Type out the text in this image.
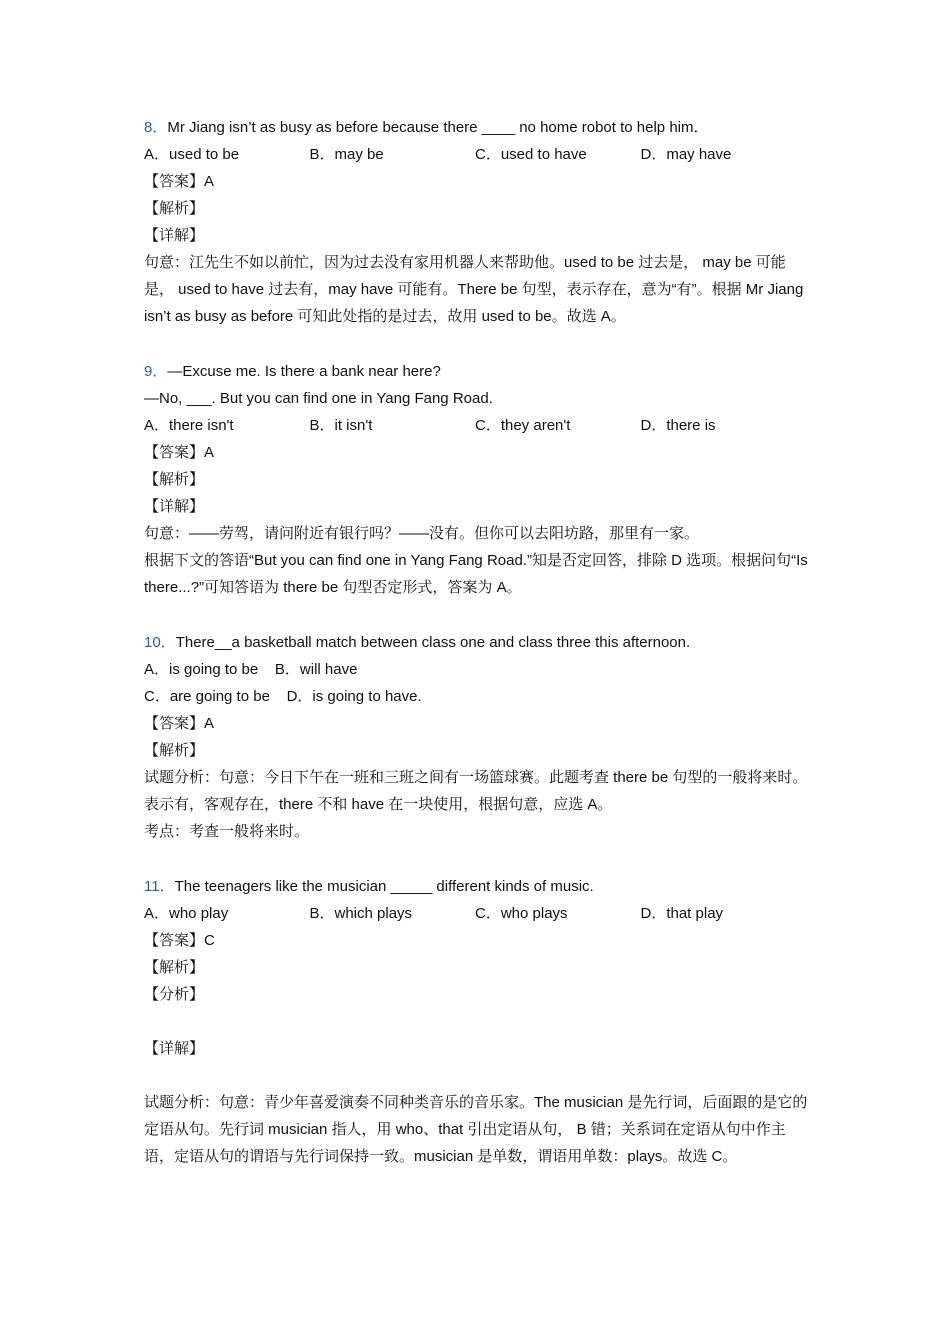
8．Mr Jiang isn’t as busy as before because there ____ no home robot to help him．
A．used to be	B．may be	C．used to have	D．may have
【答案】A
【解析】
【详解】
句意：江先生不如以前忙，因为过去没有家用机器人来帮助他。used to be 过去是， may be 可能是， used to have 过去有，may have 可能有。There be 句型，表示存在，意为“有”。根据 Mr Jiang isn’t as busy as before 可知此处指的是过去，故用 used to be。故选 A。
9．—Excuse me. Is there a bank near here?
—No, ___. But you can find one in Yang Fang Road.
A．there isn't	B．it isn't	C．they aren't	D．there is
【答案】A
【解析】
【详解】
句意：——劳驾，请问附近有银行吗？——没有。但你可以去阳坊路，那里有一家。
根据下文的答语“But you can find one in Yang Fang Road.”知是否定回答，排除 D 选项。根据问句“Is there...?”可知答语为 there be 句型否定形式，答案为 A。
10．There__a basketball match between class one and class three this afternoon.
A．is going to be    B．will have
C．are going to be    D．is going to have.
【答案】A
【解析】
试题分析：句意：今日下午在一班和三班之间有一场篮球赛。此题考查 there be 句型的一般将来时。表示有，客观存在，there 不和 have 在一块使用，根据句意，应选 A。
考点：考查一般将来时。
11．The teenagers like the musician _____ different kinds of music.
A．who play	B．which plays	C．who plays	D．that play
【答案】C
【解析】
【分析】
【详解】
试题分析：句意：青少年喜爱演奏不同种类音乐的音乐家。The musician 是先行词，后面跟的是它的定语从句。先行词 musician 指人，用 who、that 引出定语从句， B 错；关系词在定语从句中作主语，定语从句的谓语与先行词保持一致。musician 是单数，谓语用单数：plays。故选 C。
